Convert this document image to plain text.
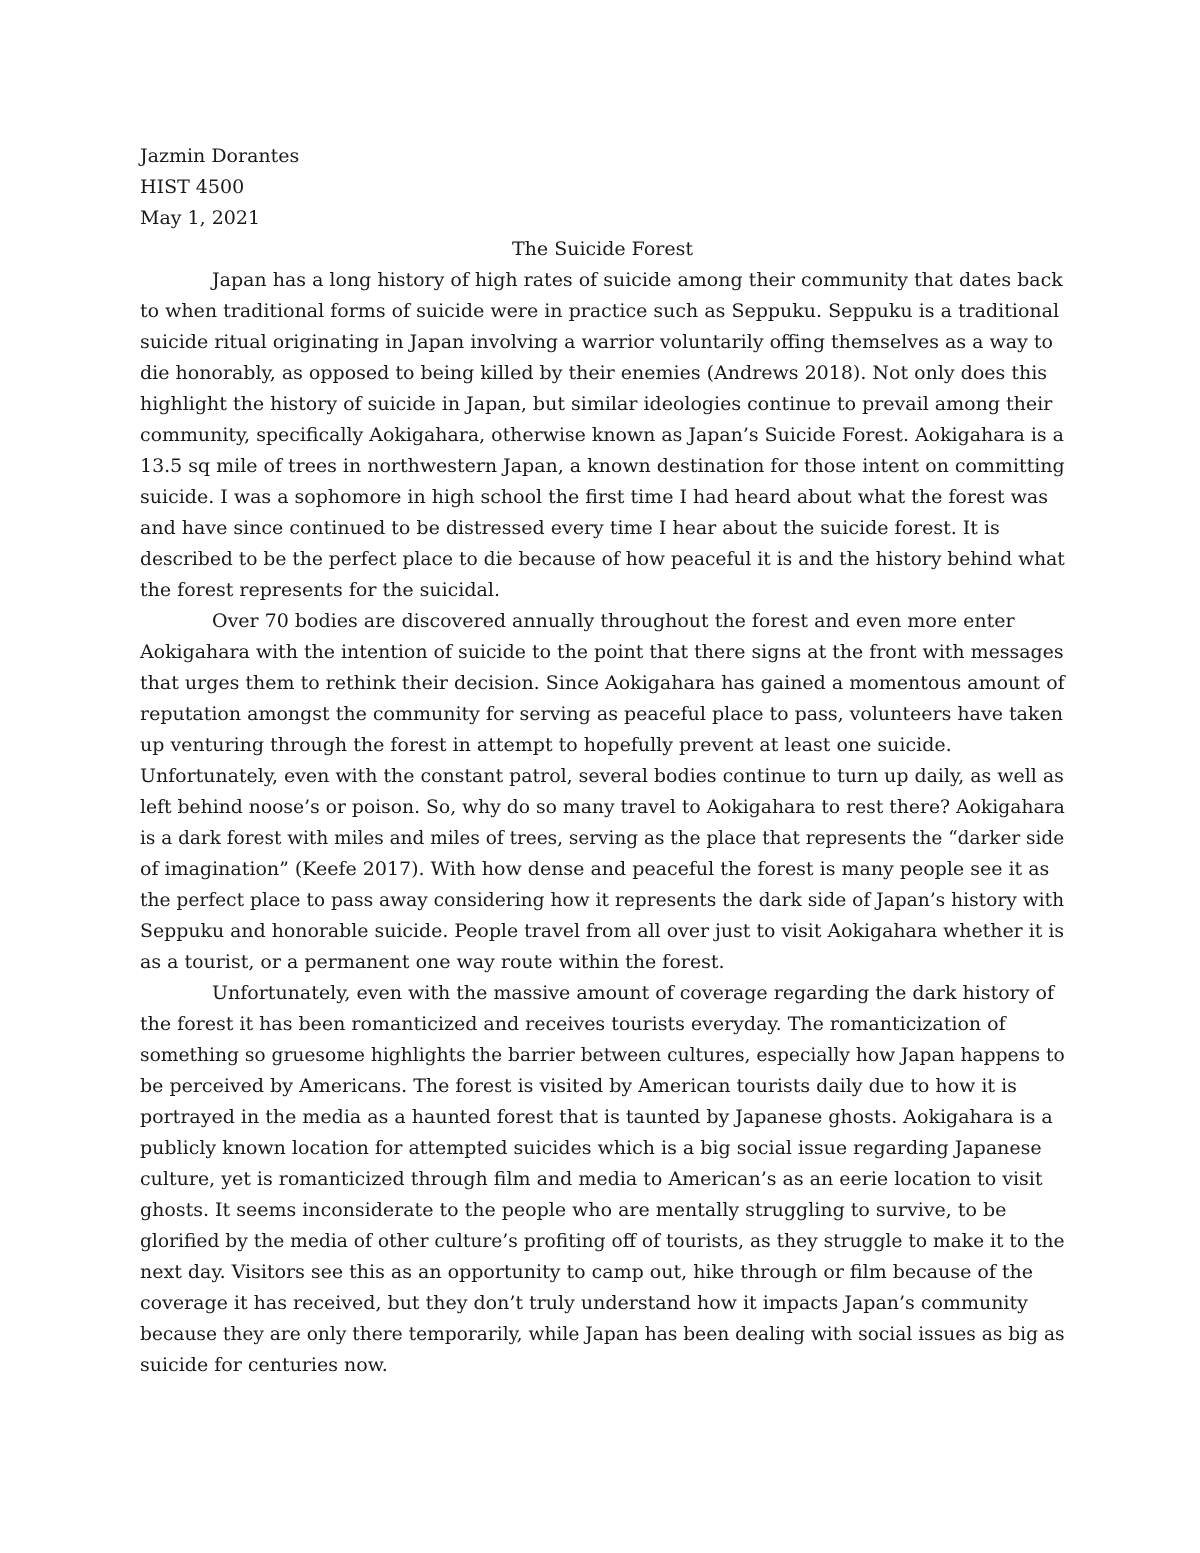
Jazmin Dorantes
HIST 4500
May 1, 2021
The Suicide Forest
Japan has a long history of high rates of suicide among their community that dates back
to when traditional forms of suicide were in practice such as Seppuku. Seppuku is a traditional
suicide ritual originating in Japan involving a warrior voluntarily offing themselves as a way to
die honorably, as opposed to being killed by their enemies (Andrews 2018). Not only does this
highlight the history of suicide in Japan, but similar ideologies continue to prevail among their
community, specifically Aokigahara, otherwise known as Japan’s Suicide Forest. Aokigahara is a
13.5 sq mile of trees in northwestern Japan, a known destination for those intent on committing
suicide. I was a sophomore in high school the first time I had heard about what the forest was
and have since continued to be distressed every time I hear about the suicide forest. It is
described to be the perfect place to die because of how peaceful it is and the history behind what
the forest represents for the suicidal.
Over 70 bodies are discovered annually throughout the forest and even more enter
Aokigahara with the intention of suicide to the point that there signs at the front with messages
that urges them to rethink their decision. Since Aokigahara has gained a momentous amount of
reputation amongst the community for serving as peaceful place to pass, volunteers have taken
up venturing through the forest in attempt to hopefully prevent at least one suicide.
Unfortunately, even with the constant patrol, several bodies continue to turn up daily, as well as
left behind noose’s or poison. So, why do so many travel to Aokigahara to rest there? Aokigahara
is a dark forest with miles and miles of trees, serving as the place that represents the “darker side
of imagination” (Keefe 2017). With how dense and peaceful the forest is many people see it as
the perfect place to pass away considering how it represents the dark side of Japan’s history with
Seppuku and honorable suicide. People travel from all over just to visit Aokigahara whether it is
as a tourist, or a permanent one way route within the forest.
Unfortunately, even with the massive amount of coverage regarding the dark history of
the forest it has been romanticized and receives tourists everyday. The romanticization of
something so gruesome highlights the barrier between cultures, especially how Japan happens to
be perceived by Americans. The forest is visited by American tourists daily due to how it is
portrayed in the media as a haunted forest that is taunted by Japanese ghosts. Aokigahara is a
publicly known location for attempted suicides which is a big social issue regarding Japanese
culture, yet is romanticized through film and media to American’s as an eerie location to visit
ghosts. It seems inconsiderate to the people who are mentally struggling to survive, to be
glorified by the media of other culture’s profiting off of tourists, as they struggle to make it to the
next day. Visitors see this as an opportunity to camp out, hike through or film because of the
coverage it has received, but they don’t truly understand how it impacts Japan’s community
because they are only there temporarily, while Japan has been dealing with social issues as big as
suicide for centuries now.
